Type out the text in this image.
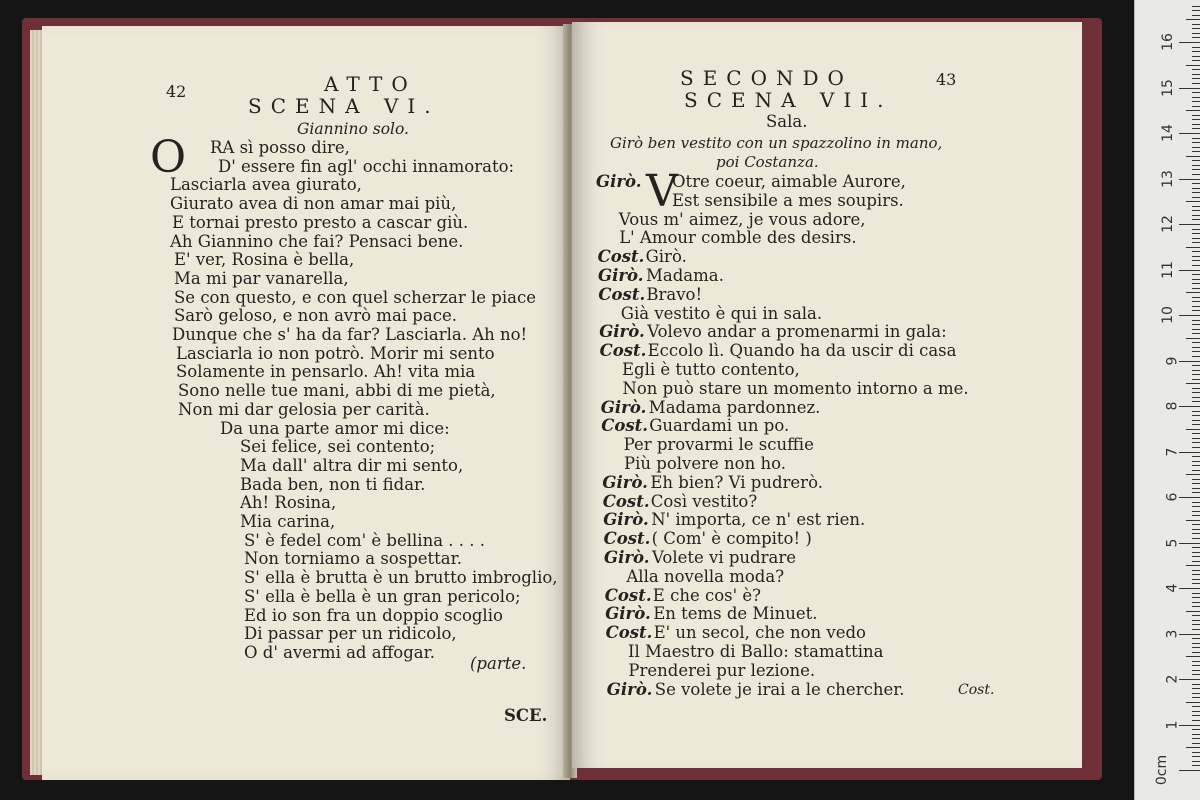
42	ATTO
SCENA VI.
Giannino solo.
O RA sì posso dire,
D' essere fin agl' occhi innamorato:
Lasciarla avea giurato,
Giurato avea di non amar mai più,
E tornai presto presto a cascar giù.
Ah Giannino che fai? Pensaci bene.
E' ver, Rosina è bella,
Ma mi par vanarella,
Se con questo, e con quel scherzar le piace
Sarò geloso, e non avrò mai pace.
Dunque che s' ha da far? Lasciarla. Ah no!
Lasciarla io non potrò. Morir mi sento
Solamente in pensarlo. Ah! vita mia
Sono nelle tue mani, abbi di me pietà,
Non mi dar gelosia per carità.
Da una parte amor mi dice:
Sei felice, sei contento;
Ma dall' altra dir mi sento,
Bada ben, non ti fidar.
Ah! Rosina,
Mia carina,
S' è fedel com' è bellina . . . .
Non torniamo a sospettar.
S' ella è brutta è un brutto imbroglio,
S' ella è bella è un gran pericolo;
Ed io son fra un doppio scoglio
Di passar per un ridicolo,
O d' avermi ad affogar.
(parte.
SCE.
SECONDO	43
SCENA VII.
Sala.
Girò ben vestito con un spazzolino in mano,
poi Costanza.
V
Girò. Otre coeur, aimable Aurore,
Est sensibile a mes soupirs.
Vous m' aimez, je vous adore,
L' Amour comble des desirs.
Cost. Girò.
Girò. Madama.
Cost. Bravo!
Già vestito è qui in sala.
Girò. Volevo andar a promenarmi in gala:
Cost. Eccolo lì. Quando ha da uscir di casa
Egli è tutto contento,
Non può stare un momento intorno a me.
Girò. Madama pardonnez.
Cost. Guardami un po.
Per provarmi le scuffie
Più polvere non ho.
Girò. Eh bien? Vi pudrerò.
Cost. Così vestito?
Girò. N' importa, ce n' est rien.
Cost. ( Com' è compito! )
Girò. Volete vi pudrare
Alla novella moda?
Cost. E che cos' è?
Girò. En tems de Minuet.
Cost. E' un secol, che non vedo
Il Maestro di Ballo: stamattina
Prenderei pur lezione.
Girò. Se volete je irai a le chercher.	Cost.
0cm
1
2
3
4
5
6
7
8
9
10
11
12
13
14
15
16
